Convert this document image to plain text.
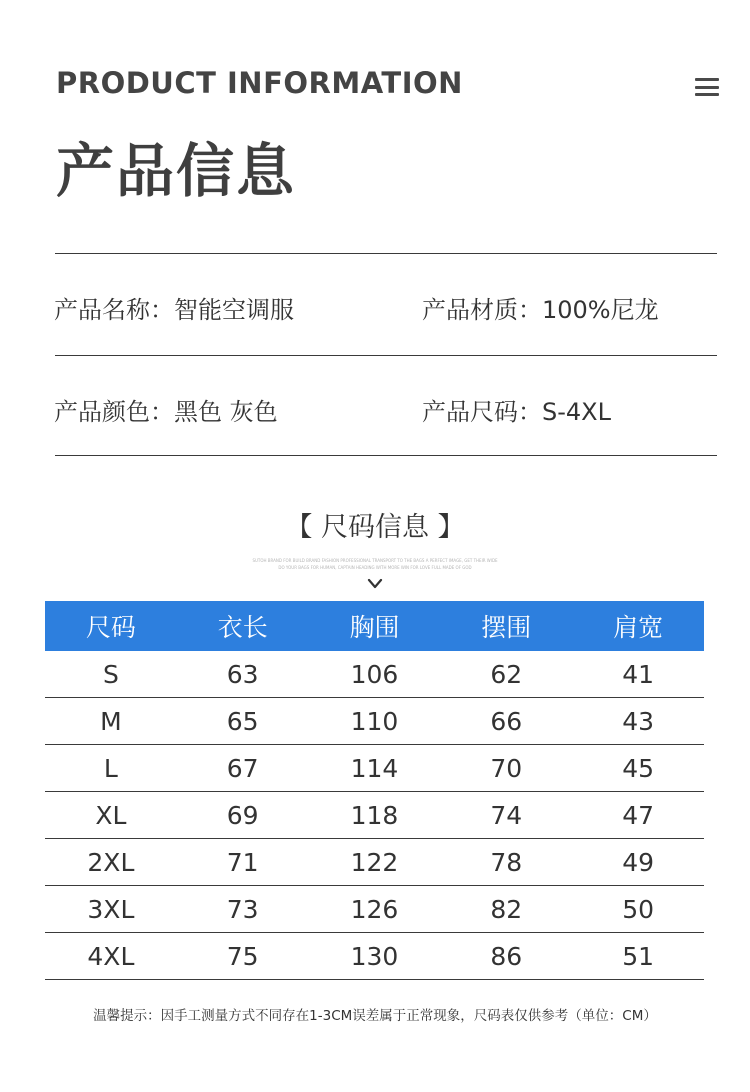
PRODUCT INFORMATION
产品信息
产品名称：智能空调服	产品材质：100%尼龙
产品颜色：黑色 灰色	产品尺码：S-4XL
【 尺码信息 】
SUTOH BRAND FOR BUILD BRAND FASHION PROFESSIONAL TRANSPORT TO THE BAGS A PERFECT IMAGE, GET THEIR WIDE
DO YOUR BAGS FOR HUMAN, CAPTAIN HEADING WITH MORE WIN FOR LOVE FULL MADE OF GOD
尺码	衣长	胸围	摆围	肩宽
S	63	106	62	41
M	65	110	66	43
L	67	114	70	45
XL	69	118	74	47
2XL	71	122	78	49
3XL	73	126	82	50
4XL	75	130	86	51
温馨提示：因手工测量方式不同存在1-3CM误差属于正常现象，尺码表仅供参考（单位：CM）
